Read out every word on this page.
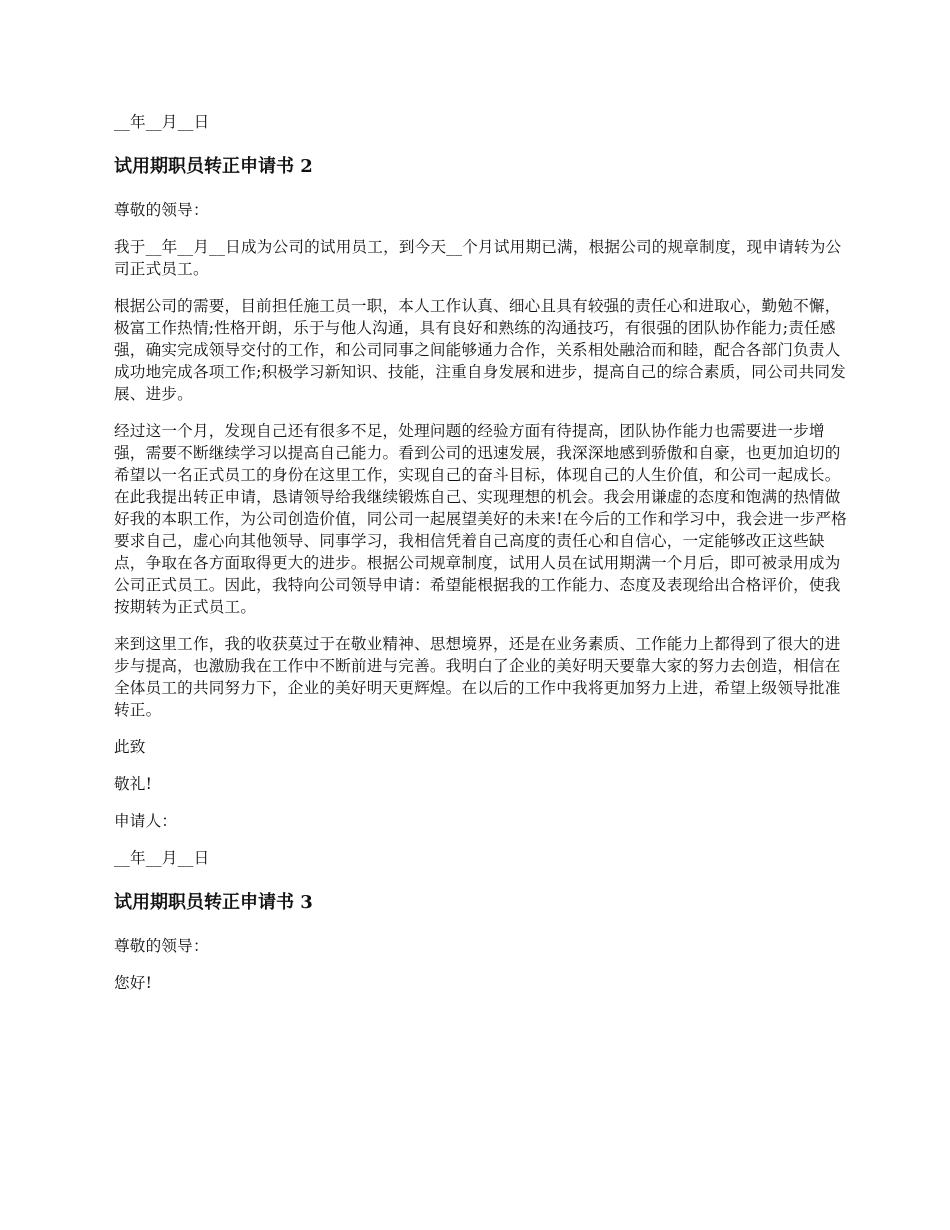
__年__月__日

试用期职员转正申请书 2

尊敬的领导：

我于__年__月__日成为公司的试用员工，到今天__个月试用期已满，根据公司的规章制度，现申请转为公司正式员工。

根据公司的需要，目前担任施工员一职，本人工作认真、细心且具有较强的责任心和进取心，勤勉不懈，极富工作热情;性格开朗，乐于与他人沟通，具有良好和熟练的沟通技巧，有很强的团队协作能力;责任感强，确实完成领导交付的工作，和公司同事之间能够通力合作，关系相处融洽而和睦，配合各部门负责人成功地完成各项工作;积极学习新知识、技能，注重自身发展和进步，提高自己的综合素质，同公司共同发展、进步。

经过这一个月，发现自己还有很多不足，处理问题的经验方面有待提高，团队协作能力也需要进一步增强，需要不断继续学习以提高自己能力。看到公司的迅速发展，我深深地感到骄傲和自豪，也更加迫切的希望以一名正式员工的身份在这里工作，实现自己的奋斗目标，体现自己的人生价值，和公司一起成长。在此我提出转正申请，恳请领导给我继续锻炼自己、实现理想的机会。我会用谦虚的态度和饱满的热情做好我的本职工作，为公司创造价值，同公司一起展望美好的未来!在今后的工作和学习中，我会进一步严格要求自己，虚心向其他领导、同事学习，我相信凭着自己高度的责任心和自信心，一定能够改正这些缺点，争取在各方面取得更大的进步。根据公司规章制度，试用人员在试用期满一个月后，即可被录用成为公司正式员工。因此，我特向公司领导申请：希望能根据我的工作能力、态度及表现给出合格评价，使我按期转为正式员工。

来到这里工作，我的收获莫过于在敬业精神、思想境界，还是在业务素质、工作能力上都得到了很大的进步与提高，也激励我在工作中不断前进与完善。我明白了企业的美好明天要靠大家的努力去创造，相信在全体员工的共同努力下，企业的美好明天更辉煌。在以后的工作中我将更加努力上进，希望上级领导批准转正。

此致

敬礼!

申请人：

__年__月__日

试用期职员转正申请书 3

尊敬的领导：

您好!
